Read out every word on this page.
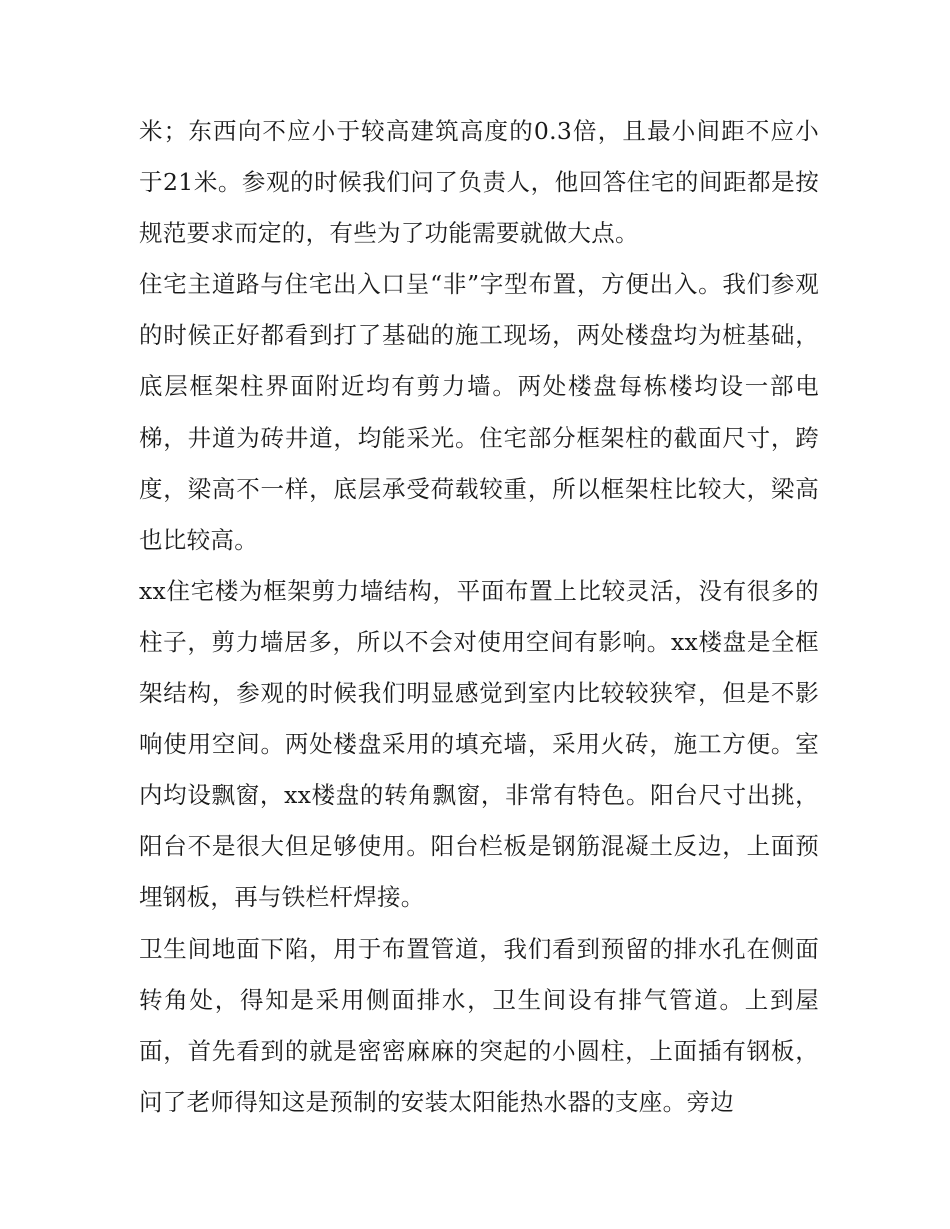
米；东西向不应小于较高建筑高度的0.3倍，且最小间距不应小于21米。参观的时候我们问了负责人，他回答住宅的间距都是按规范要求而定的，有些为了功能需要就做大点。

住宅主道路与住宅出入口呈“非”字型布置，方便出入。我们参观的时候正好都看到打了基础的施工现场，两处楼盘均为桩基础，底层框架柱界面附近均有剪力墙。两处楼盘每栋楼均设一部电梯，井道为砖井道，均能采光。住宅部分框架柱的截面尺寸，跨度，梁高不一样，底层承受荷载较重，所以框架柱比较大，梁高也比较高。

xx住宅楼为框架剪力墙结构，平面布置上比较灵活，没有很多的柱子，剪力墙居多，所以不会对使用空间有影响。xx楼盘是全框架结构，参观的时候我们明显感觉到室内比较较狭窄，但是不影响使用空间。两处楼盘采用的填充墙，采用火砖，施工方便。室内均设飘窗，xx楼盘的转角飘窗，非常有特色。阳台尺寸出挑，阳台不是很大但足够使用。阳台栏板是钢筋混凝土反边，上面预埋钢板，再与铁栏杆焊接。

卫生间地面下陷，用于布置管道，我们看到预留的排水孔在侧面转角处，得知是采用侧面排水，卫生间设有排气管道。上到屋面，首先看到的就是密密麻麻的突起的小圆柱，上面插有钢板，问了老师得知这是预制的安装太阳能热水器的支座。旁边
